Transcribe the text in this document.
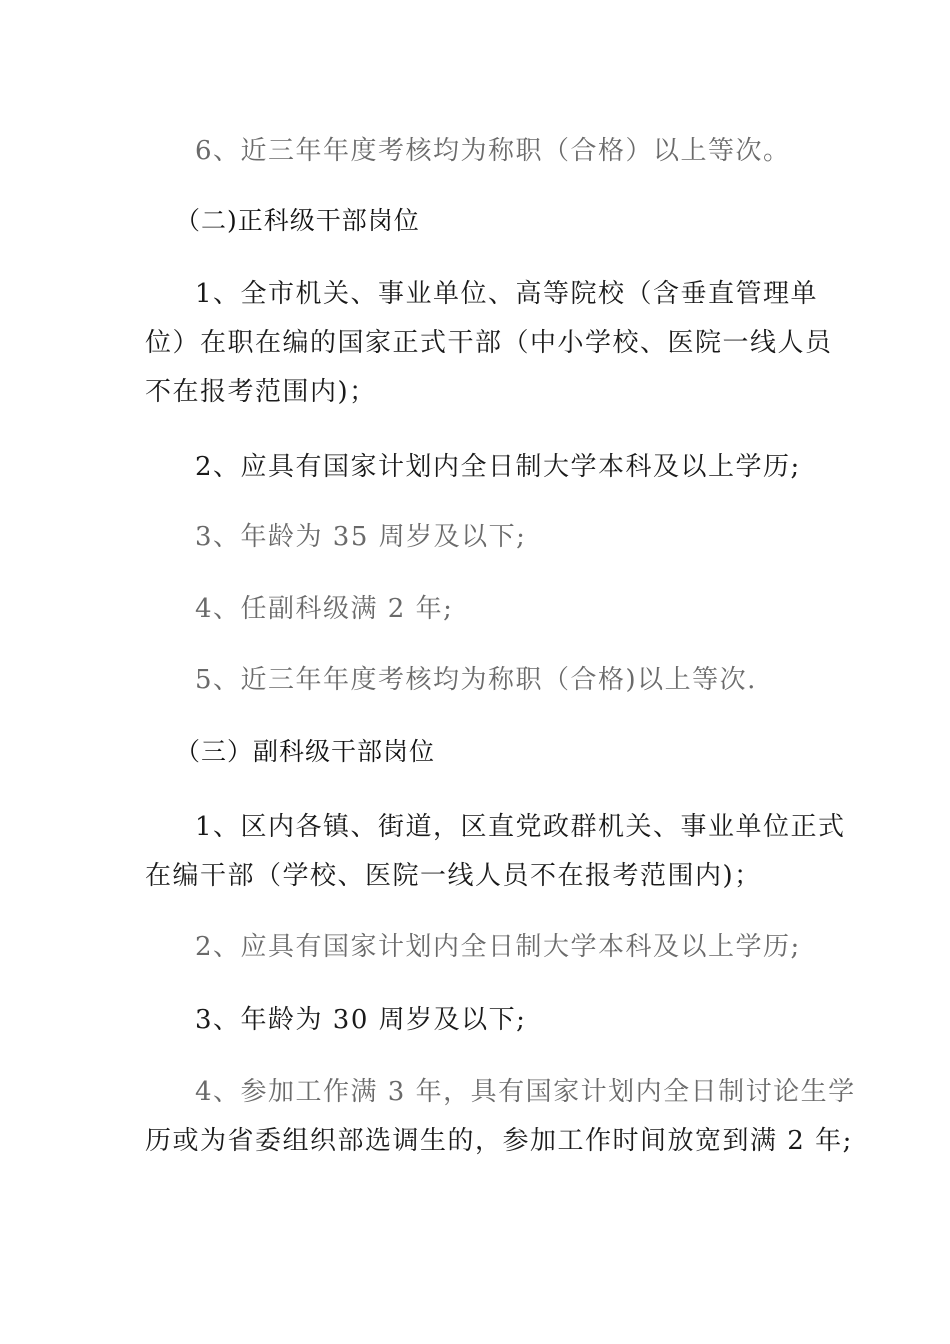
6、近三年年度考核均为称职（合格）以上等次。

（二)正科级干部岗位

1、全市机关、事业单位、高等院校（含垂直管理单

位）在职在编的国家正式干部（中小学校、医院一线人员

不在报考范围内)；

2、应具有国家计划内全日制大学本科及以上学历;

3、年龄为 35 周岁及以下;

4、任副科级满 2 年;

5、近三年年度考核均为称职（合格)以上等次.

（三）副科级干部岗位

1、区内各镇、街道，区直党政群机关、事业单位正式

在编干部（学校、医院一线人员不在报考范围内)；

2、应具有国家计划内全日制大学本科及以上学历;

3、年龄为 30 周岁及以下;

4、参加工作满 3 年，具有国家计划内全日制讨论生学

历或为省委组织部选调生的，参加工作时间放宽到满 2 年;
